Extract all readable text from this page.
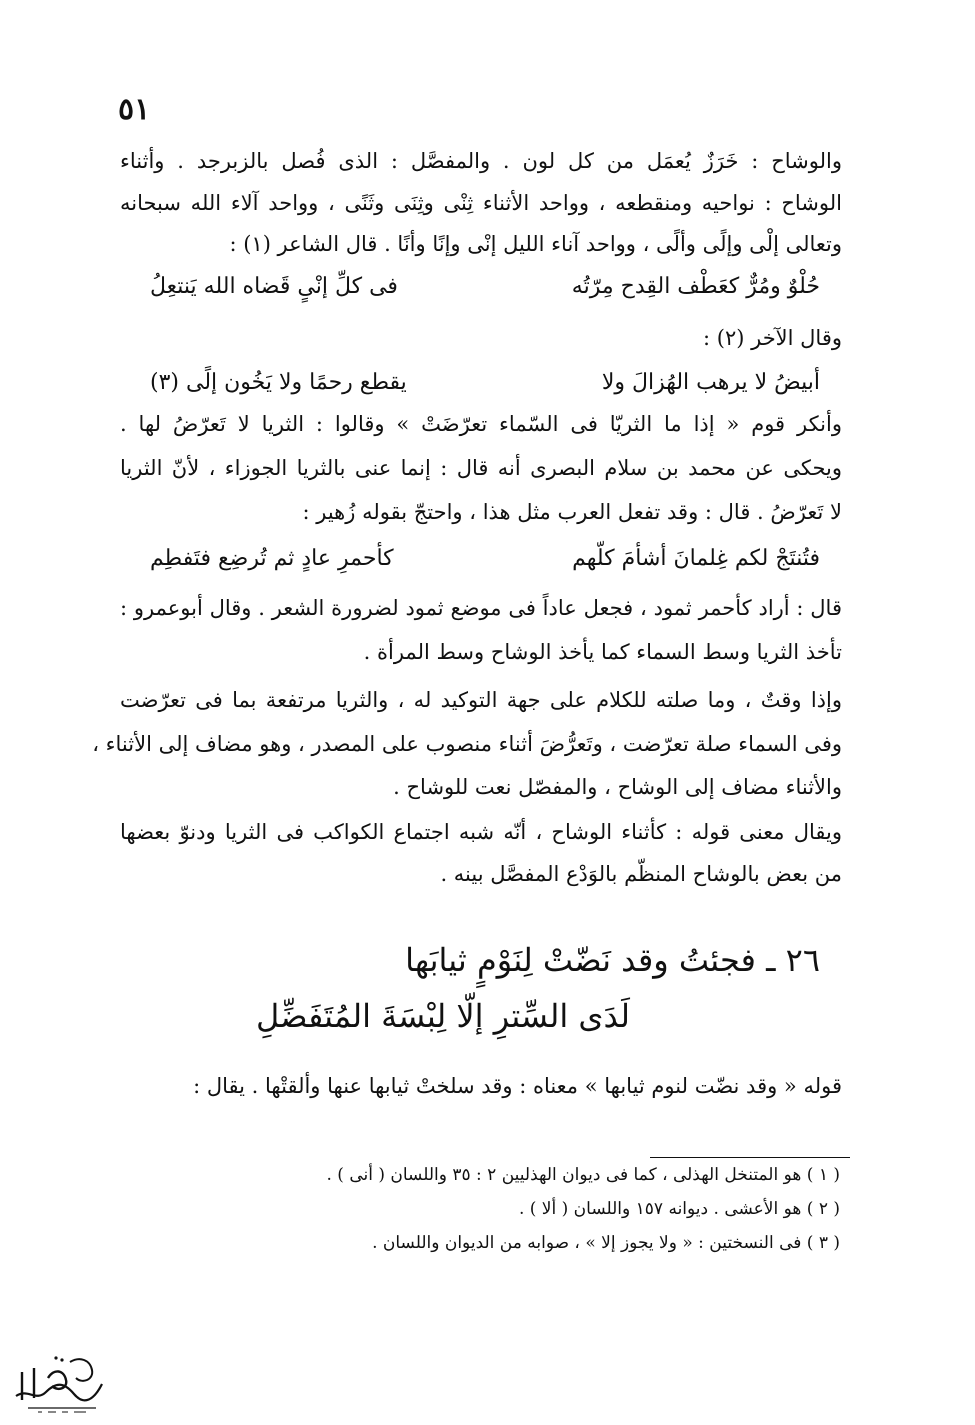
٥١
والوشاح : خَرَزٌ يُعمَل من كل لون . والمفصَّل : الذى فُصل بالزبرجد . وأثناء
الوشاح : نواحيه ومنقطعه ، وواحد الأثناء ثِنْى وثِنَى وثَنًى ، وواحد آلاء الله سبحانه
وتعالى إلْى وإلًى وألًى ، وواحد آناء الليل إنْى وإنًا وأنًا . قال الشاعر (١) :
حُلْوٌ ومُرٌّ كعَطْف القِدح مِرّتُه
فى كلِّ إنْىٍ قَضاه الله يَنتعِلُ
وقال الآخر (٢) :
أبيضُ لا يرهب الهُزالَ ولا
يقطع رحمًا ولا يَخُون إلًى (٣)
وأنكر قوم « إذا ما الثريّا فى السّماء تعرّضَتْ » وقالوا : الثريا لا تَعرّضُ لها .
ويحكى عن محمد بن سلام البصرى أنه قال : إنما عنى بالثريا الجوزاء ، لأنّ الثريا
لا تَعرّضُ . قال : وقد تفعل العرب مثل هذا ، واحتجّ بقوله زُهير :
فتُنتَجْ لكم غِلمانَ أشأمَ كلّهم
كأحمرِ عادٍ ثم تُرضِع فتَفطِم
قال : أراد كأحمر ثمود ، فجعل عاداً فى موضع ثمود لضرورة الشعر . وقال أبوعمرو :
تأخذ الثريا وسط السماء كما يأخذ الوشاح وسط المرأة .
وإذا وقتٌ ، وما صلته للكلام على جهة التوكيد له ، والثريا مرتفعة بما فى تعرّضت
وفى السماء صلة تعرّضت ، وتَعرُّضَ أثناء منصوب على المصدر ، وهو مضاف إلى الأثناء ،
والأثناء مضاف إلى الوشاح ، والمفصّل نعت للوشاح .
ويقال معنى قوله : كأثناء الوشاح ، أنّه شبه اجتماع الكواكب فى الثريا ودنوّ بعضها
من بعض بالوشاح المنظّم بالوَدْع المفصَّل بينه .
٢٦ ـ فجئتُ وقد نَضّتْ لِنَوْمٍ ثيابَها
لَدَى السِّترِ إلّا لِبْسَةَ المُتَفَضِّلِ
قوله « وقد نضّت لنوم ثيابها » معناه : وقد سلختْ ثيابها عنها وألقتْها . يقال :
( ١ ) هو المتنخل الهذلى ، كما فى ديوان الهذليين ٢ : ٣٥ واللسان ( أنى ) .
( ٢ ) هو الأعشى . ديوانه ١٥٧ واللسان ( ألا ) .
( ٣ ) فى النسختين : « ولا يجوز إلا » ، صوابه من الديوان واللسان .
